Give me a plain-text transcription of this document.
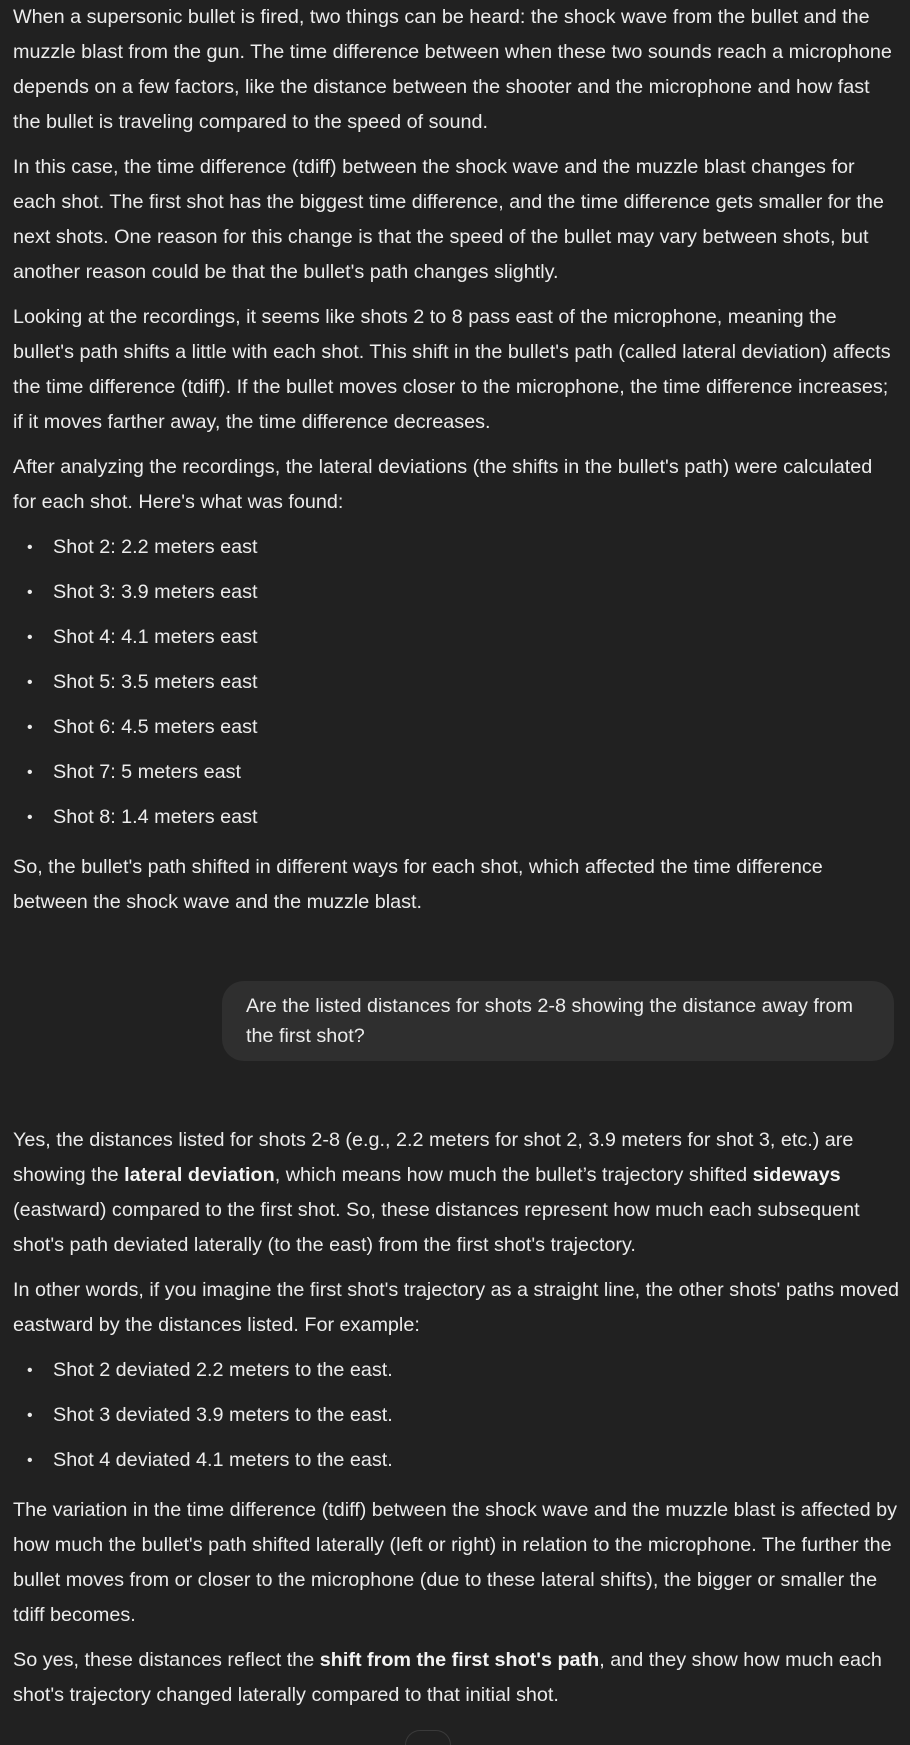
When a supersonic bullet is fired, two things can be heard: the shock wave from the bullet and the muzzle blast from the gun. The time difference between when these two sounds reach a microphone depends on a few factors, like the distance between the shooter and the microphone and how fast the bullet is traveling compared to the speed of sound.

In this case, the time difference (tdiff) between the shock wave and the muzzle blast changes for each shot. The first shot has the biggest time difference, and the time difference gets smaller for the next shots. One reason for this change is that the speed of the bullet may vary between shots, but another reason could be that the bullet's path changes slightly.

Looking at the recordings, it seems like shots 2 to 8 pass east of the microphone, meaning the bullet's path shifts a little with each shot. This shift in the bullet's path (called lateral deviation) affects the time difference (tdiff). If the bullet moves closer to the microphone, the time difference increases; if it moves farther away, the time difference decreases.

After analyzing the recordings, the lateral deviations (the shifts in the bullet's path) were calculated for each shot. Here's what was found:

• Shot 2: 2.2 meters east
• Shot 3: 3.9 meters east
• Shot 4: 4.1 meters east
• Shot 5: 3.5 meters east
• Shot 6: 4.5 meters east
• Shot 7: 5 meters east
• Shot 8: 1.4 meters east

So, the bullet's path shifted in different ways for each shot, which affected the time difference between the shock wave and the muzzle blast.

Are the listed distances for shots 2-8 showing the distance away from the first shot?

Yes, the distances listed for shots 2-8 (e.g., 2.2 meters for shot 2, 3.9 meters for shot 3, etc.) are showing the lateral deviation, which means how much the bullet’s trajectory shifted sideways (eastward) compared to the first shot. So, these distances represent how much each subsequent shot's path deviated laterally (to the east) from the first shot's trajectory.

In other words, if you imagine the first shot's trajectory as a straight line, the other shots' paths moved eastward by the distances listed. For example:

• Shot 2 deviated 2.2 meters to the east.
• Shot 3 deviated 3.9 meters to the east.
• Shot 4 deviated 4.1 meters to the east.

The variation in the time difference (tdiff) between the shock wave and the muzzle blast is affected by how much the bullet's path shifted laterally (left or right) in relation to the microphone. The further the bullet moves from or closer to the microphone (due to these lateral shifts), the bigger or smaller the tdiff becomes.

So yes, these distances reflect the shift from the first shot's path, and they show how much each shot's trajectory changed laterally compared to that initial shot.
